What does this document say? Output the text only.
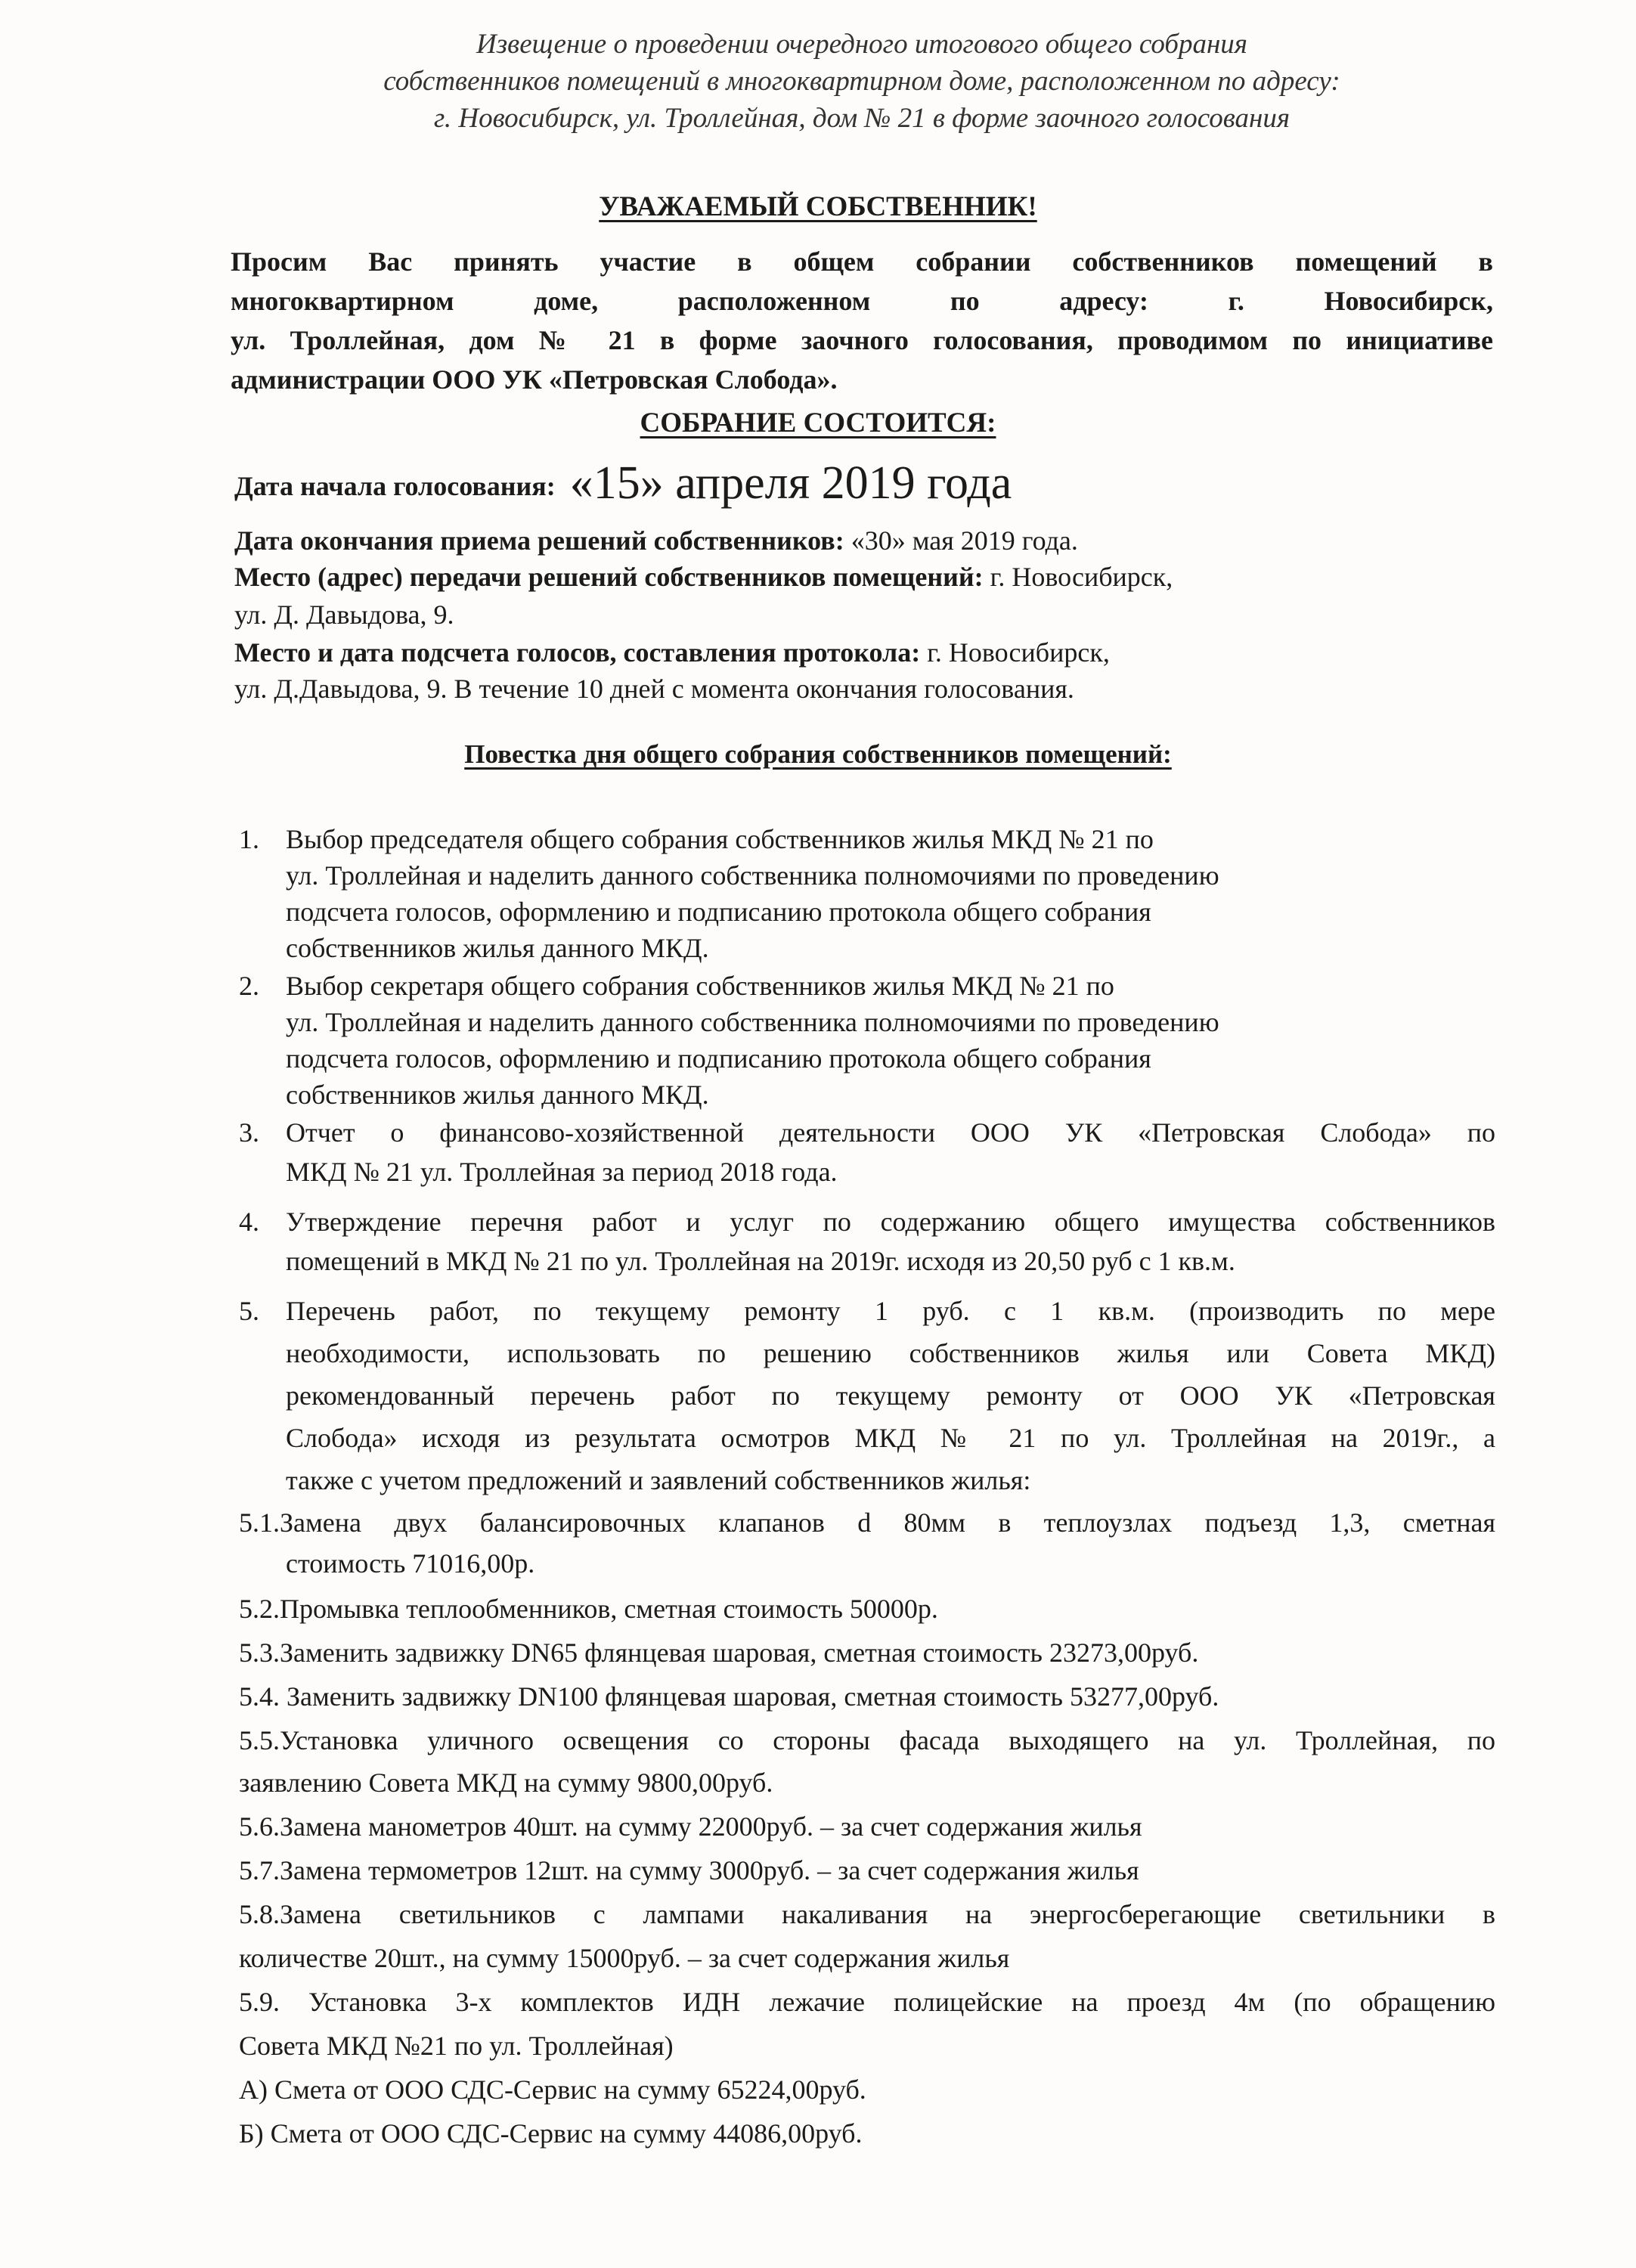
Извещение о проведении очередного итогового общего собрания
собственников помещений в многоквартирном доме, расположенном по адресу:
г. Новосибирск, ул. Троллейная, дом № 21 в форме заочного голосования
УВАЖАЕМЫЙ СОБСТВЕННИК!
Просим Вас принять участие в общем собрании собственников помещений в
многоквартирном доме, расположенном по адресу: г. Новосибирск,
ул. Троллейная, дом № 21 в форме заочного голосования, проводимом по инициативе
администрации ООО УК «Петровская Слобода».
СОБРАНИЕ СОСТОИТСЯ:
Дата начала голосования: «15» апреля 2019 года
Дата окончания приема решений собственников: «30» мая 2019 года.
Место (адрес) передачи решений собственников помещений: г. Новосибирск,
ул. Д. Давыдова, 9.
Место и дата подсчета голосов, составления протокола: г. Новосибирск,
ул. Д.Давыдова, 9. В течение 10 дней с момента окончания голосования.
Повестка дня общего собрания собственников помещений:
1. Выбор председателя общего собрания собственников жилья МКД № 21 по
ул. Троллейная и наделить данного собственника полномочиями по проведению
подсчета голосов, оформлению и подписанию протокола общего собрания
собственников жилья данного МКД.
2. Выбор секретаря общего собрания собственников жилья МКД № 21 по
ул. Троллейная и наделить данного собственника полномочиями по проведению
подсчета голосов, оформлению и подписанию протокола общего собрания
собственников жилья данного МКД.
3. Отчет о финансово-хозяйственной деятельности ООО УК «Петровская Слобода» по
МКД № 21 ул. Троллейная за период 2018 года.
4. Утверждение перечня работ и услуг по содержанию общего имущества собственников
помещений в МКД № 21 по ул. Троллейная на 2019г. исходя из 20,50 руб с 1 кв.м.
5. Перечень работ, по текущему ремонту 1 руб. с 1 кв.м. (производить по мере
необходимости, использовать по решению собственников жилья или Совета МКД)
рекомендованный перечень работ по текущему ремонту от ООО УК «Петровская
Слобода» исходя из результата осмотров МКД № 21 по ул. Троллейная на 2019г., а
также с учетом предложений и заявлений собственников жилья:
5.1.Замена двух балансировочных клапанов d 80мм в теплоузлах подъезд 1,3, сметная
стоимость 71016,00р.
5.2.Промывка теплообменников, сметная стоимость 50000р.
5.3.Заменить задвижку DN65 флянцевая шаровая, сметная стоимость 23273,00руб.
5.4. Заменить задвижку DN100 флянцевая шаровая, сметная стоимость 53277,00руб.
5.5.Установка уличного освещения со стороны фасада выходящего на ул. Троллейная, по
заявлению Совета МКД на сумму 9800,00руб.
5.6.Замена манометров 40шт. на сумму 22000руб. – за счет содержания жилья
5.7.Замена термометров 12шт. на сумму 3000руб. – за счет содержания жилья
5.8.Замена светильников с лампами накаливания на энергосберегающие светильники в
количестве 20шт., на сумму 15000руб. – за счет содержания жилья
5.9. Установка 3-х комплектов ИДН лежачие полицейские на проезд 4м (по обращению
Совета МКД №21 по ул. Троллейная)
А) Смета от ООО СДС-Сервис на сумму 65224,00руб.
Б) Смета от ООО СДС-Сервис на сумму 44086,00руб.
